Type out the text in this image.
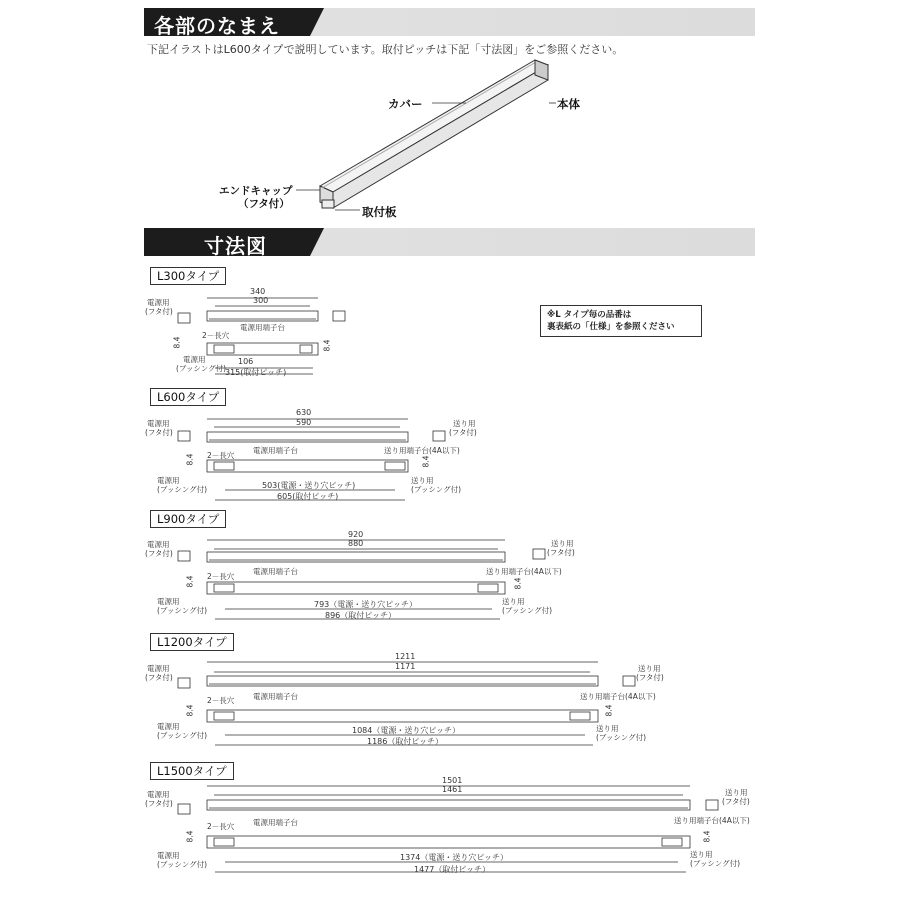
各部のなまえ
下記イラストはL600タイプで説明しています。取付ピッチは下記「寸法図」をご参照ください。
カバー	本体
エンドキャップ
（フタ付）
取付板
寸法図
※L タイプ毎の品番は
裏表紙の「仕様」を参照ください
L300タイプ
340
300
電源用
(フタ付)
電源用端子台
2－長穴
8.4	8.4
電源用
(ブッシング付)
106
315(取付ピッチ)
L600タイプ
630
590
電源用
(フタ付)
送り用
(フタ付)
電源用端子台	送り用端子台(4A以下)
2－長穴
8.4	8.4
電源用
(ブッシング付)
送り用
(ブッシング付)
503(電源・送り穴ピッチ)
605(取付ピッチ)
L900タイプ
920
880
電源用
(フタ付)
送り用
(フタ付)
電源用端子台	送り用端子台(4A以下)
2－長穴
8.4	8.4
電源用
(ブッシング付)
送り用
(ブッシング付)
793（電源・送り穴ピッチ）
896（取付ピッチ）
L1200タイプ
1211
1171
電源用
(フタ付)
送り用
(フタ付)
電源用端子台	送り用端子台(4A以下)
2－長穴
8.4	8.4
電源用
(ブッシング付)
送り用
(ブッシング付)
1084（電源・送り穴ピッチ）
1186（取付ピッチ）
L1500タイプ
1501
1461
電源用
(フタ付)
送り用
(フタ付)
電源用端子台	送り用端子台(4A以下)
2－長穴
8.4	8.4
電源用
(ブッシング付)
送り用
(ブッシング付)
1374（電源・送り穴ピッチ）
1477（取付ピッチ）
